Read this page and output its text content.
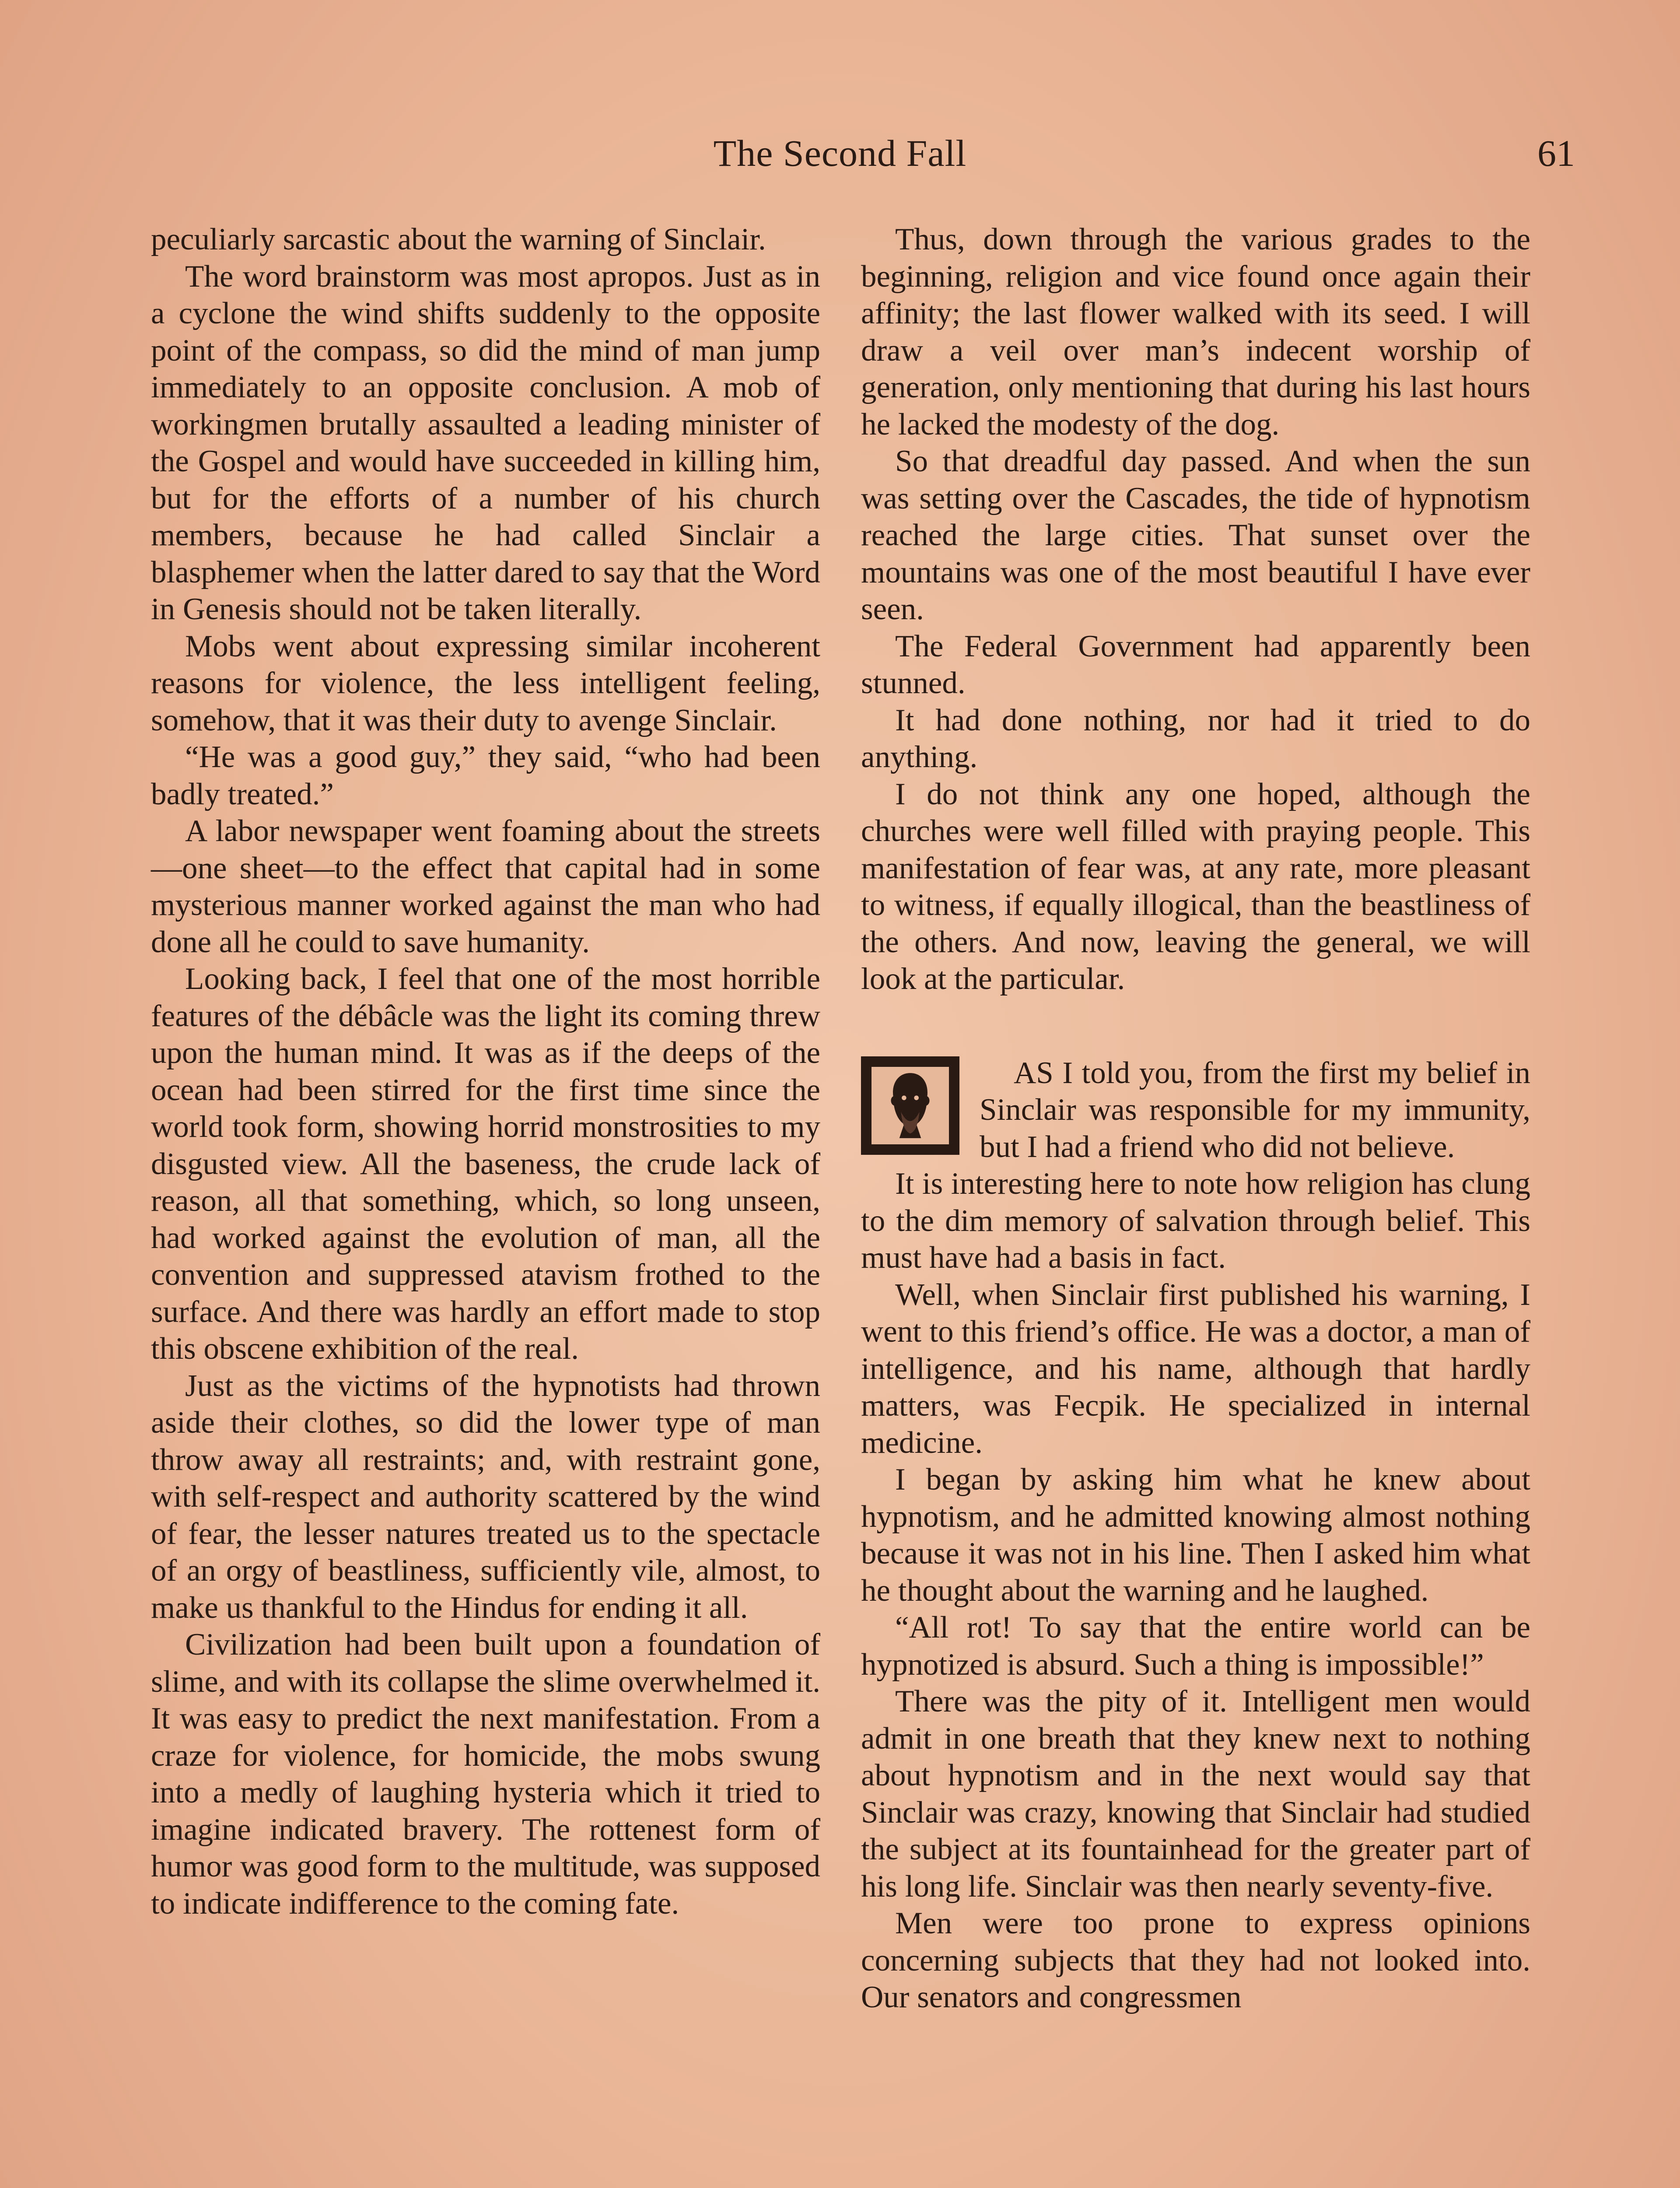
The Second Fall	61

peculiarly sarcastic about the warning of Sinclair.

The word brainstorm was most apropos. Just as in a cyclone the wind shifts suddenly to the opposite point of the compass, so did the mind of man jump immediately to an opposite conclusion. A mob of workingmen brutally assaulted a leading minister of the Gospel and would have succeeded in killing him, but for the efforts of a number of his church members, because he had called Sinclair a blasphemer when the latter dared to say that the Word in Genesis should not be taken literally.

Mobs went about expressing similar incoherent reasons for violence, the less intelligent feeling, somehow, that it was their duty to avenge Sinclair.

“He was a good guy,” they said, “who had been badly treated.”

A labor newspaper went foaming about the streets—one sheet—to the effect that capital had in some mysterious manner worked against the man who had done all he could to save humanity.

Looking back, I feel that one of the most horrible features of the débâcle was the light its coming threw upon the human mind. It was as if the deeps of the ocean had been stirred for the first time since the world took form, showing horrid monstrosities to my disgusted view. All the baseness, the crude lack of reason, all that something, which, so long unseen, had worked against the evolution of man, all the convention and suppressed atavism frothed to the surface. And there was hardly an effort made to stop this obscene exhibition of the real.

Just as the victims of the hypnotists had thrown aside their clothes, so did the lower type of man throw away all restraints; and, with restraint gone, with self-respect and authority scattered by the wind of fear, the lesser natures treated us to the spectacle of an orgy of beastliness, sufficiently vile, almost, to make us thankful to the Hindus for ending it all.

Civilization had been built upon a foundation of slime, and with its collapse the slime overwhelmed it. It was easy to predict the next manifestation. From a craze for violence, for homicide, the mobs swung into a medly of laughing hysteria which it tried to imagine indicated bravery. The rottenest form of humor was good form to the multitude, was supposed to indicate indifference to the coming fate.

Thus, down through the various grades to the beginning, religion and vice found once again their affinity; the last flower walked with its seed. I will draw a veil over man’s indecent worship of generation, only mentioning that during his last hours he lacked the modesty of the dog.

So that dreadful day passed. And when the sun was setting over the Cascades, the tide of hypnotism reached the large cities. That sunset over the mountains was one of the most beautiful I have ever seen.

The Federal Government had apparently been stunned.

It had done nothing, nor had it tried to do anything.

I do not think any one hoped, although the churches were well filled with praying people. This manifestation of fear was, at any rate, more pleasant to witness, if equally illogical, than the beastliness of the others. And now, leaving the general, we will look at the particular.

AS I told you, from the first my belief in Sinclair was responsible for my immunity, but I had a friend who did not believe.

It is interesting here to note how religion has clung to the dim memory of salvation through belief. This must have had a basis in fact.

Well, when Sinclair first published his warning, I went to this friend’s office. He was a doctor, a man of intelligence, and his name, although that hardly matters, was Fecpik. He specialized in internal medicine.

I began by asking him what he knew about hypnotism, and he admitted knowing almost nothing because it was not in his line. Then I asked him what he thought about the warning and he laughed.

“All rot! To say that the entire world can be hypnotized is absurd. Such a thing is impossible!”

There was the pity of it. Intelligent men would admit in one breath that they knew next to nothing about hypnotism and in the next would say that Sinclair was crazy, knowing that Sinclair had studied the subject at its fountainhead for the greater part of his long life. Sinclair was then nearly seventy-five.

Men were too prone to express opinions concerning subjects that they had not looked into. Our senators and congressmen
